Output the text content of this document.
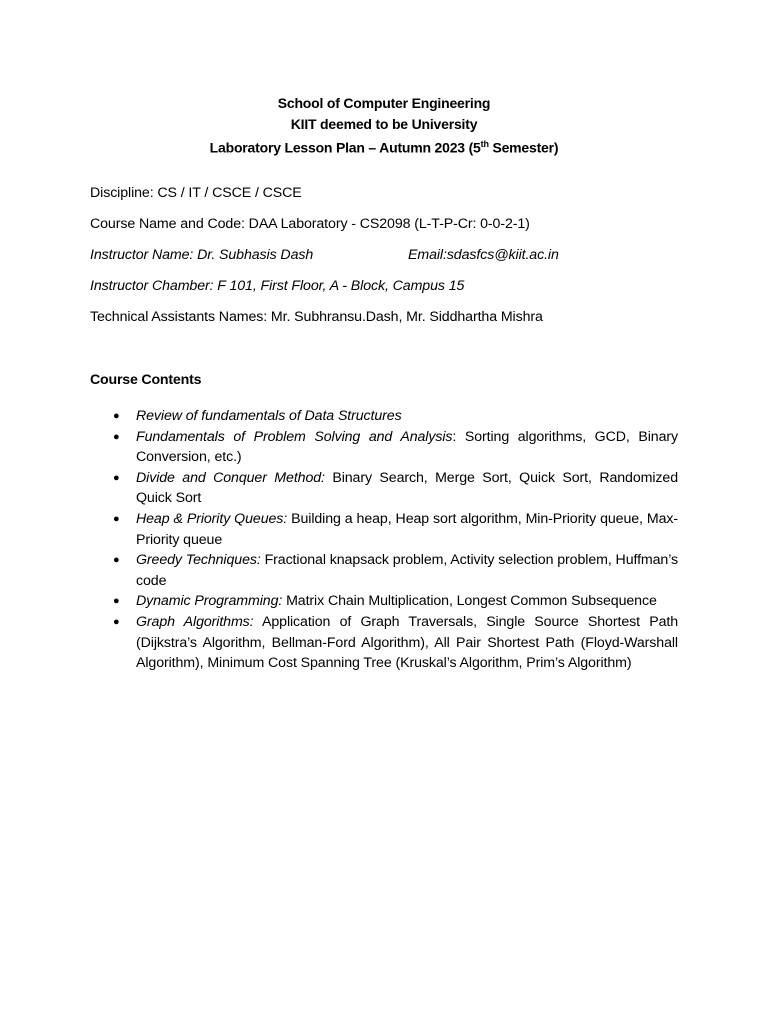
School of Computer Engineering
KIIT deemed to be University
Laboratory Lesson Plan – Autumn 2023 (5th Semester)
Discipline: CS / IT / CSCE / CSCE
Course Name and Code: DAA Laboratory - CS2098 (L-T-P-Cr: 0-0-2-1)
Instructor Name: Dr. Subhasis Dash	Email:sdasfcs@kiit.ac.in
Instructor Chamber: F 101, First Floor, A - Block, Campus 15
Technical Assistants Names: Mr. Subhransu.Dash, Mr. Siddhartha Mishra
Course Contents
● Review of fundamentals of Data Structures
● Fundamentals of Problem Solving and Analysis: Sorting algorithms, GCD, Binary Conversion, etc.)
● Divide and Conquer Method: Binary Search, Merge Sort, Quick Sort, Randomized Quick Sort
● Heap & Priority Queues: Building a heap, Heap sort algorithm, Min-Priority queue, Max-Priority queue
● Greedy Techniques: Fractional knapsack problem, Activity selection problem, Huffman’s code
● Dynamic Programming: Matrix Chain Multiplication, Longest Common Subsequence
● Graph Algorithms: Application of Graph Traversals, Single Source Shortest Path (Dijkstra’s Algorithm, Bellman-Ford Algorithm), All Pair Shortest Path (Floyd-Warshall Algorithm), Minimum Cost Spanning Tree (Kruskal’s Algorithm, Prim’s Algorithm)
